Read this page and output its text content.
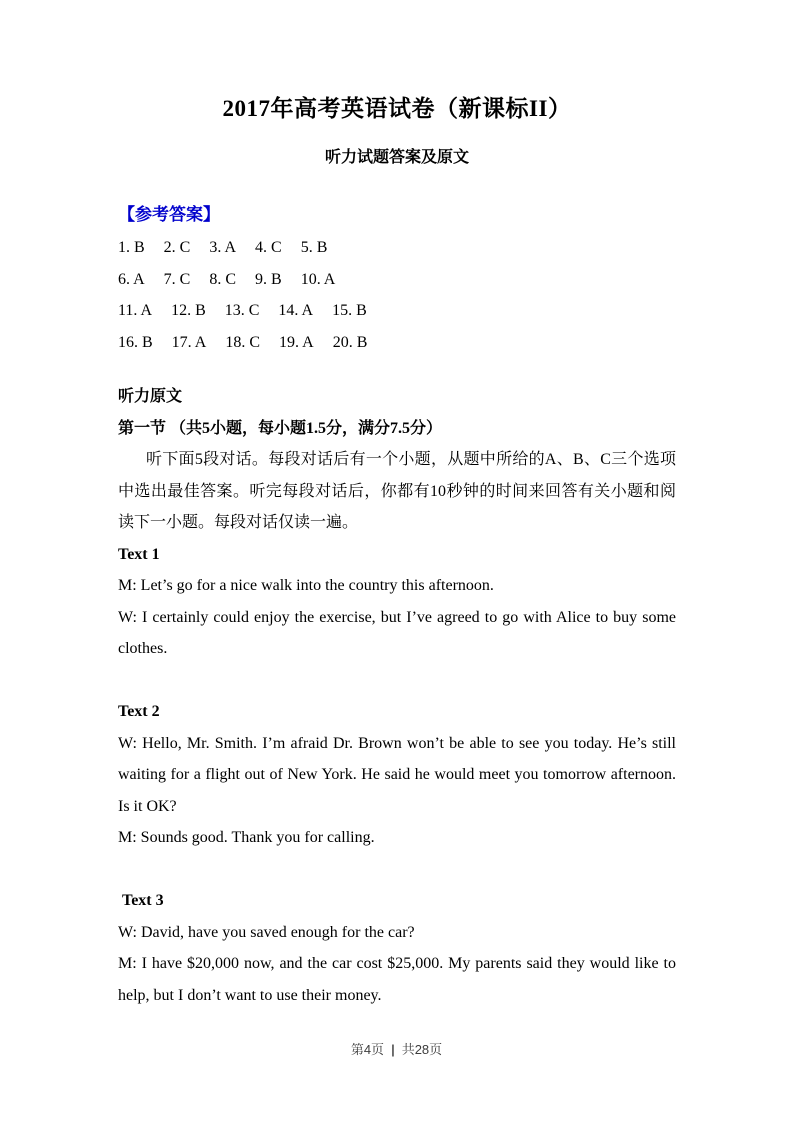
2017年高考英语试卷（新课标II）
听力试题答案及原文
【参考答案】
1. B 2. C 3. A 4. C 5. B
6. A 7. C 8. C 9. B 10. A
11. A 12. B 13. C 14. A 15. B
16. B 17. A 18. C 19. A 20. B
听力原文
第一节 （共5小题，每小题1.5分，满分7.5分）
听下面5段对话。每段对话后有一个小题，从题中所给的A、B、C三个选项中选出最佳答案。听完每段对话后，你都有10秒钟的时间来回答有关小题和阅读下一小题。每段对话仅读一遍。
Text 1
M: Let’s go for a nice walk into the country this afternoon.
W: I certainly could enjoy the exercise, but I’ve agreed to go with Alice to buy some clothes.
Text 2
W: Hello, Mr. Smith. I’m afraid Dr. Brown won’t be able to see you today. He’s still waiting for a flight out of New York. He said he would meet you tomorrow afternoon. Is it OK?
M: Sounds good. Thank you for calling.
Text 3
W: David, have you saved enough for the car?
M: I have $20,000 now, and the car cost $25,000. My parents said they would like to help, but I don’t want to use their money.
第4页 | 共28页
